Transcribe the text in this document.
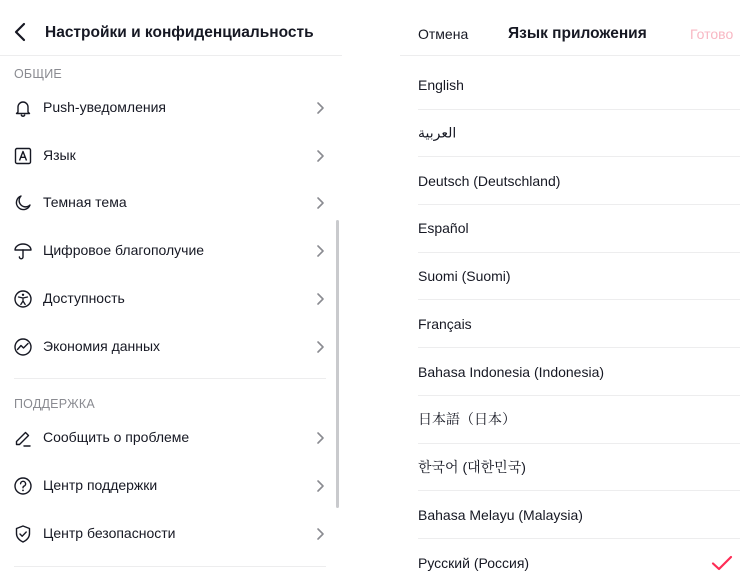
Настройки и конфиденциальность
ОБЩИЕ
Push-уведомления
Язык
Темная тема
Цифровое благополучие
Доступность
Экономия данных
ПОДДЕРЖКА
Сообщить о проблеме
Центр поддержки
Центр безопасности
Отмена	Язык приложения	Готово
English
العربية
Deutsch (Deutschland)
Español
Suomi (Suomi)
Français
Bahasa Indonesia (Indonesia)
日本語（日本）
한국어 (대한민국)
Bahasa Melayu (Malaysia)
Русский (Россия)
